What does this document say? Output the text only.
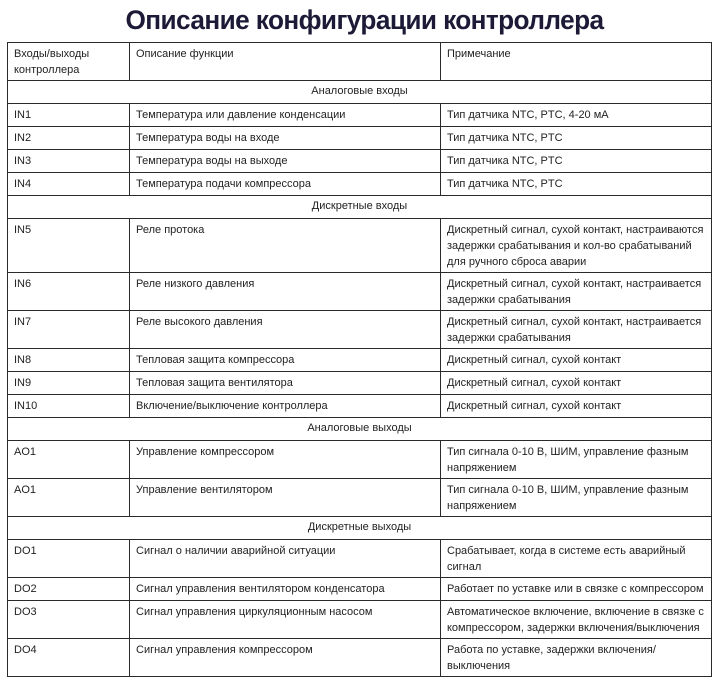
Описание конфигурации контроллера
Входы/выходы контроллера	Описание функции	Примечание
Аналоговые входы		
IN1	Температура или давление конденсации	Тип датчика NTC, PTC, 4-20 мА
IN2	Температура воды на входе	Тип датчика NTC, PTC
IN3	Температура воды на выходе	Тип датчика NTC, PTC
IN4	Температура подачи компрессора	Тип датчика NTC, PTC
Дискретные входы		
IN5	Реле протока	Дискретный сигнал, сухой контакт, настраиваются задержки срабатывания и кол-во срабатываний для ручного сброса аварии
IN6	Реле низкого давления	Дискретный сигнал, сухой контакт, настраивается задержки срабатывания
IN7	Реле высокого давления	Дискретный сигнал, сухой контакт, настраивается задержки срабатывания
IN8	Тепловая защита компрессора	Дискретный сигнал, сухой контакт
IN9	Тепловая защита вентилятора	Дискретный сигнал, сухой контакт
IN10	Включение/выключение контроллера	Дискретный сигнал, сухой контакт
Аналоговые выходы		
AO1	Управление компрессором	Тип сигнала 0-10 В, ШИМ, управление фазным напряжением
AO1	Управление вентилятором	Тип сигнала 0-10 В, ШИМ, управление фазным напряжением
Дискретные выходы		
DO1	Сигнал о наличии аварийной ситуации	Срабатывает, когда в системе есть аварийный сигнал
DO2	Сигнал управления вентилятором конденсатора	Работает по уставке или в связке с компрессором
DO3	Сигнал управления циркуляционным насосом	Автоматическое включение, включение в связке с компрессором, задержки включения/выключения
DO4	Сигнал управления компрессором	Работа по уставке, задержки включения/выключения
